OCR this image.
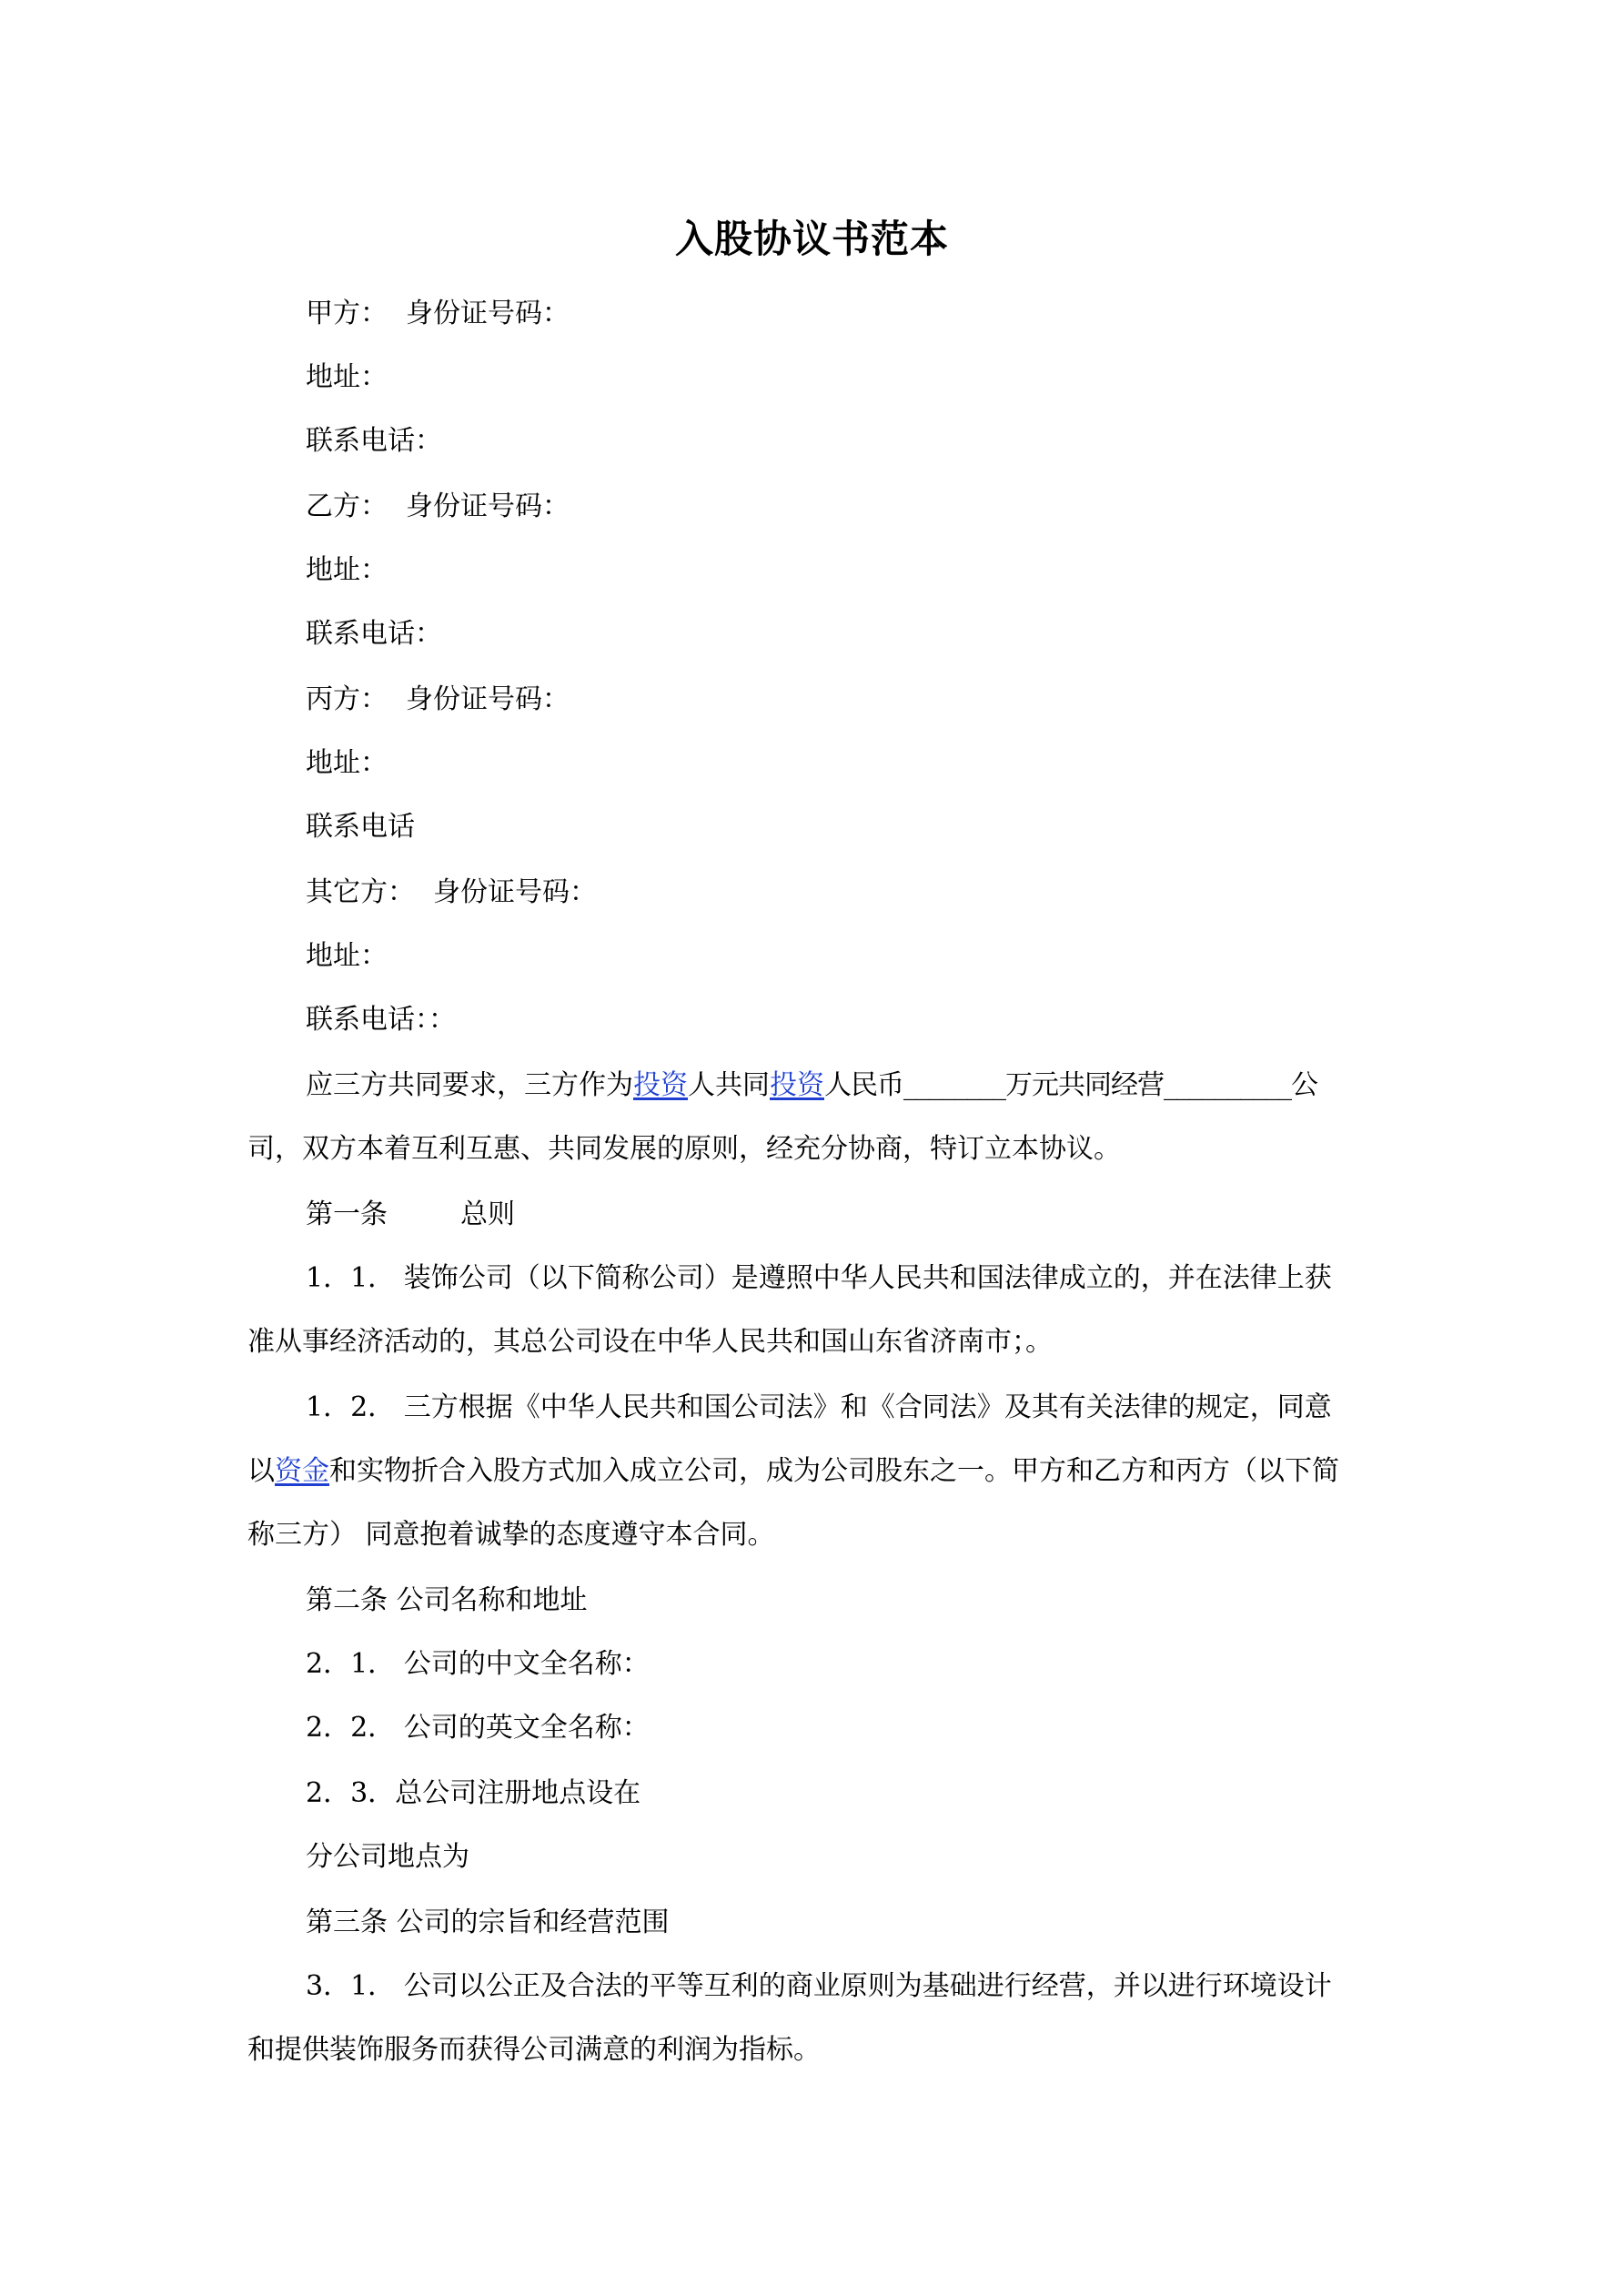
入股协议书范本
甲方： 身份证号码：
地址：
联系电话：
乙方： 身份证号码：
地址：
联系电话：
丙方： 身份证号码：
地址：
联系电话
其它方： 身份证号码：
地址：
联系电话：：
应三方共同要求，三方作为投资人共同投资人民币________万元共同经营__________公
司，双方本着互利互惠、共同发展的原则，经充分协商，特订立本协议。
第一条	总则
1．1． 装饰公司（以下简称公司）是遵照中华人民共和国法律成立的，并在法律上获
准从事经济活动的，其总公司设在中华人民共和国山东省济南市；。
1．2． 三方根据《中华人民共和国公司法》和《合同法》及其有关法律的规定，同意
以资金和实物折合入股方式加入成立公司，成为公司股东之一。甲方和乙方和丙方（以下简
称三方） 同意抱着诚挚的态度遵守本合同。
第二条 公司名称和地址
2．1． 公司的中文全名称：
2．2． 公司的英文全名称：
2．3．总公司注册地点设在
分公司地点为
第三条 公司的宗旨和经营范围
3．1． 公司以公正及合法的平等互利的商业原则为基础进行经营，并以进行环境设计
和提供装饰服务而获得公司满意的利润为指标。
